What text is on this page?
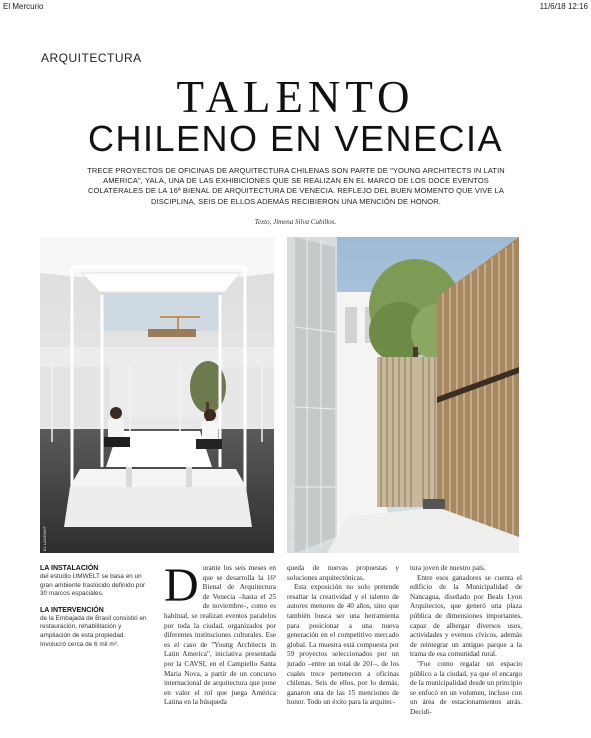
El Mercurio	11/6/18 12:16
ARQUITECTURA
TALENTO
CHILENO EN VENECIA
TRECE PROYECTOS DE OFICINAS DE ARQUITECTURA CHILENAS SON PARTE DE "YOUNG ARCHITECTS IN LATIN AMERICA", YALA, UNA DE LAS EXHIBICIONES QUE SE REALIZAN EN EL MARCO DE LOS DOCE EVENTOS COLATERALES DE LA 16ª BIENAL DE ARQUITECTURA DE VENECIA. REFLEJO DEL BUEN MOMENTO QUE VIVE LA DISCIPLINA, SEIS DE ELLOS ADEMÁS RECIBIERON UNA MENCIÓN DE HONOR.
Texto, Jimena Silva Cubillos.
EL LANGHUT	SIRPA FOTOGRAFIA ESTUDIOS
LA INSTALACIÓN

del estudio UMWELT se basa en un gran ambiente traslúcido definido por 30 marcos espaciales.

LA INTERVENCIÓN

de la Embajada de Brasil consistió en restauración, rehabilitación y ampliación de esta propiedad. Involucró cerca de 6 mil m².

D urante los seis meses en que se desarrolla la 16ª Bienal de Arquitectura de Venecia –hasta el 25 de noviembre–, como es habitual, se realizan eventos paralelos por toda la ciudad, organizados por diferentes instituciones culturales. Ese es el caso de "Young Architects in Latin America", iniciativa presentada por la CAVSI, en el Campiello Santa Maria Nova, a partir de un concurso internacional de arquitectura que pone en valor el rol que juega América Latina en la búsqueda

queda de nuevas propuestas y soluciones arquitectónicas.

Esta exposición no solo pretende resaltar la creatividad y el talento de autores menores de 40 años, sino que también busca ser una herramienta para posicionar a una nueva generación en el competitivo mercado global. La muestra está compuesta por 59 proyectos seleccionados por un jurado –entre un total de 201–, de los cuales trece pertenecen a oficinas chilenas. Seis de ellos, por lo demás, ganaron una de las 15 menciones de honor. Todo un éxito para la arquitec-

tura joven de nuestro país.

Entre esos ganadores se cuenta el edificio de la Municipalidad de Nancagua, diseñado por Beals Lyon Arquitectos, que generó una plaza pública de dimensiones importantes, capaz de albergar diversos usos, actividades y eventos cívicos, además de reintegrar un antiguo parque a la trama de esa comunidad rural.

"Fue como regalar un espacio público a la ciudad, ya que el encargo de la municipalidad desde un principio se enfocó en un volumen, incluso con un área de estacionamientos atrás. Decidi-
